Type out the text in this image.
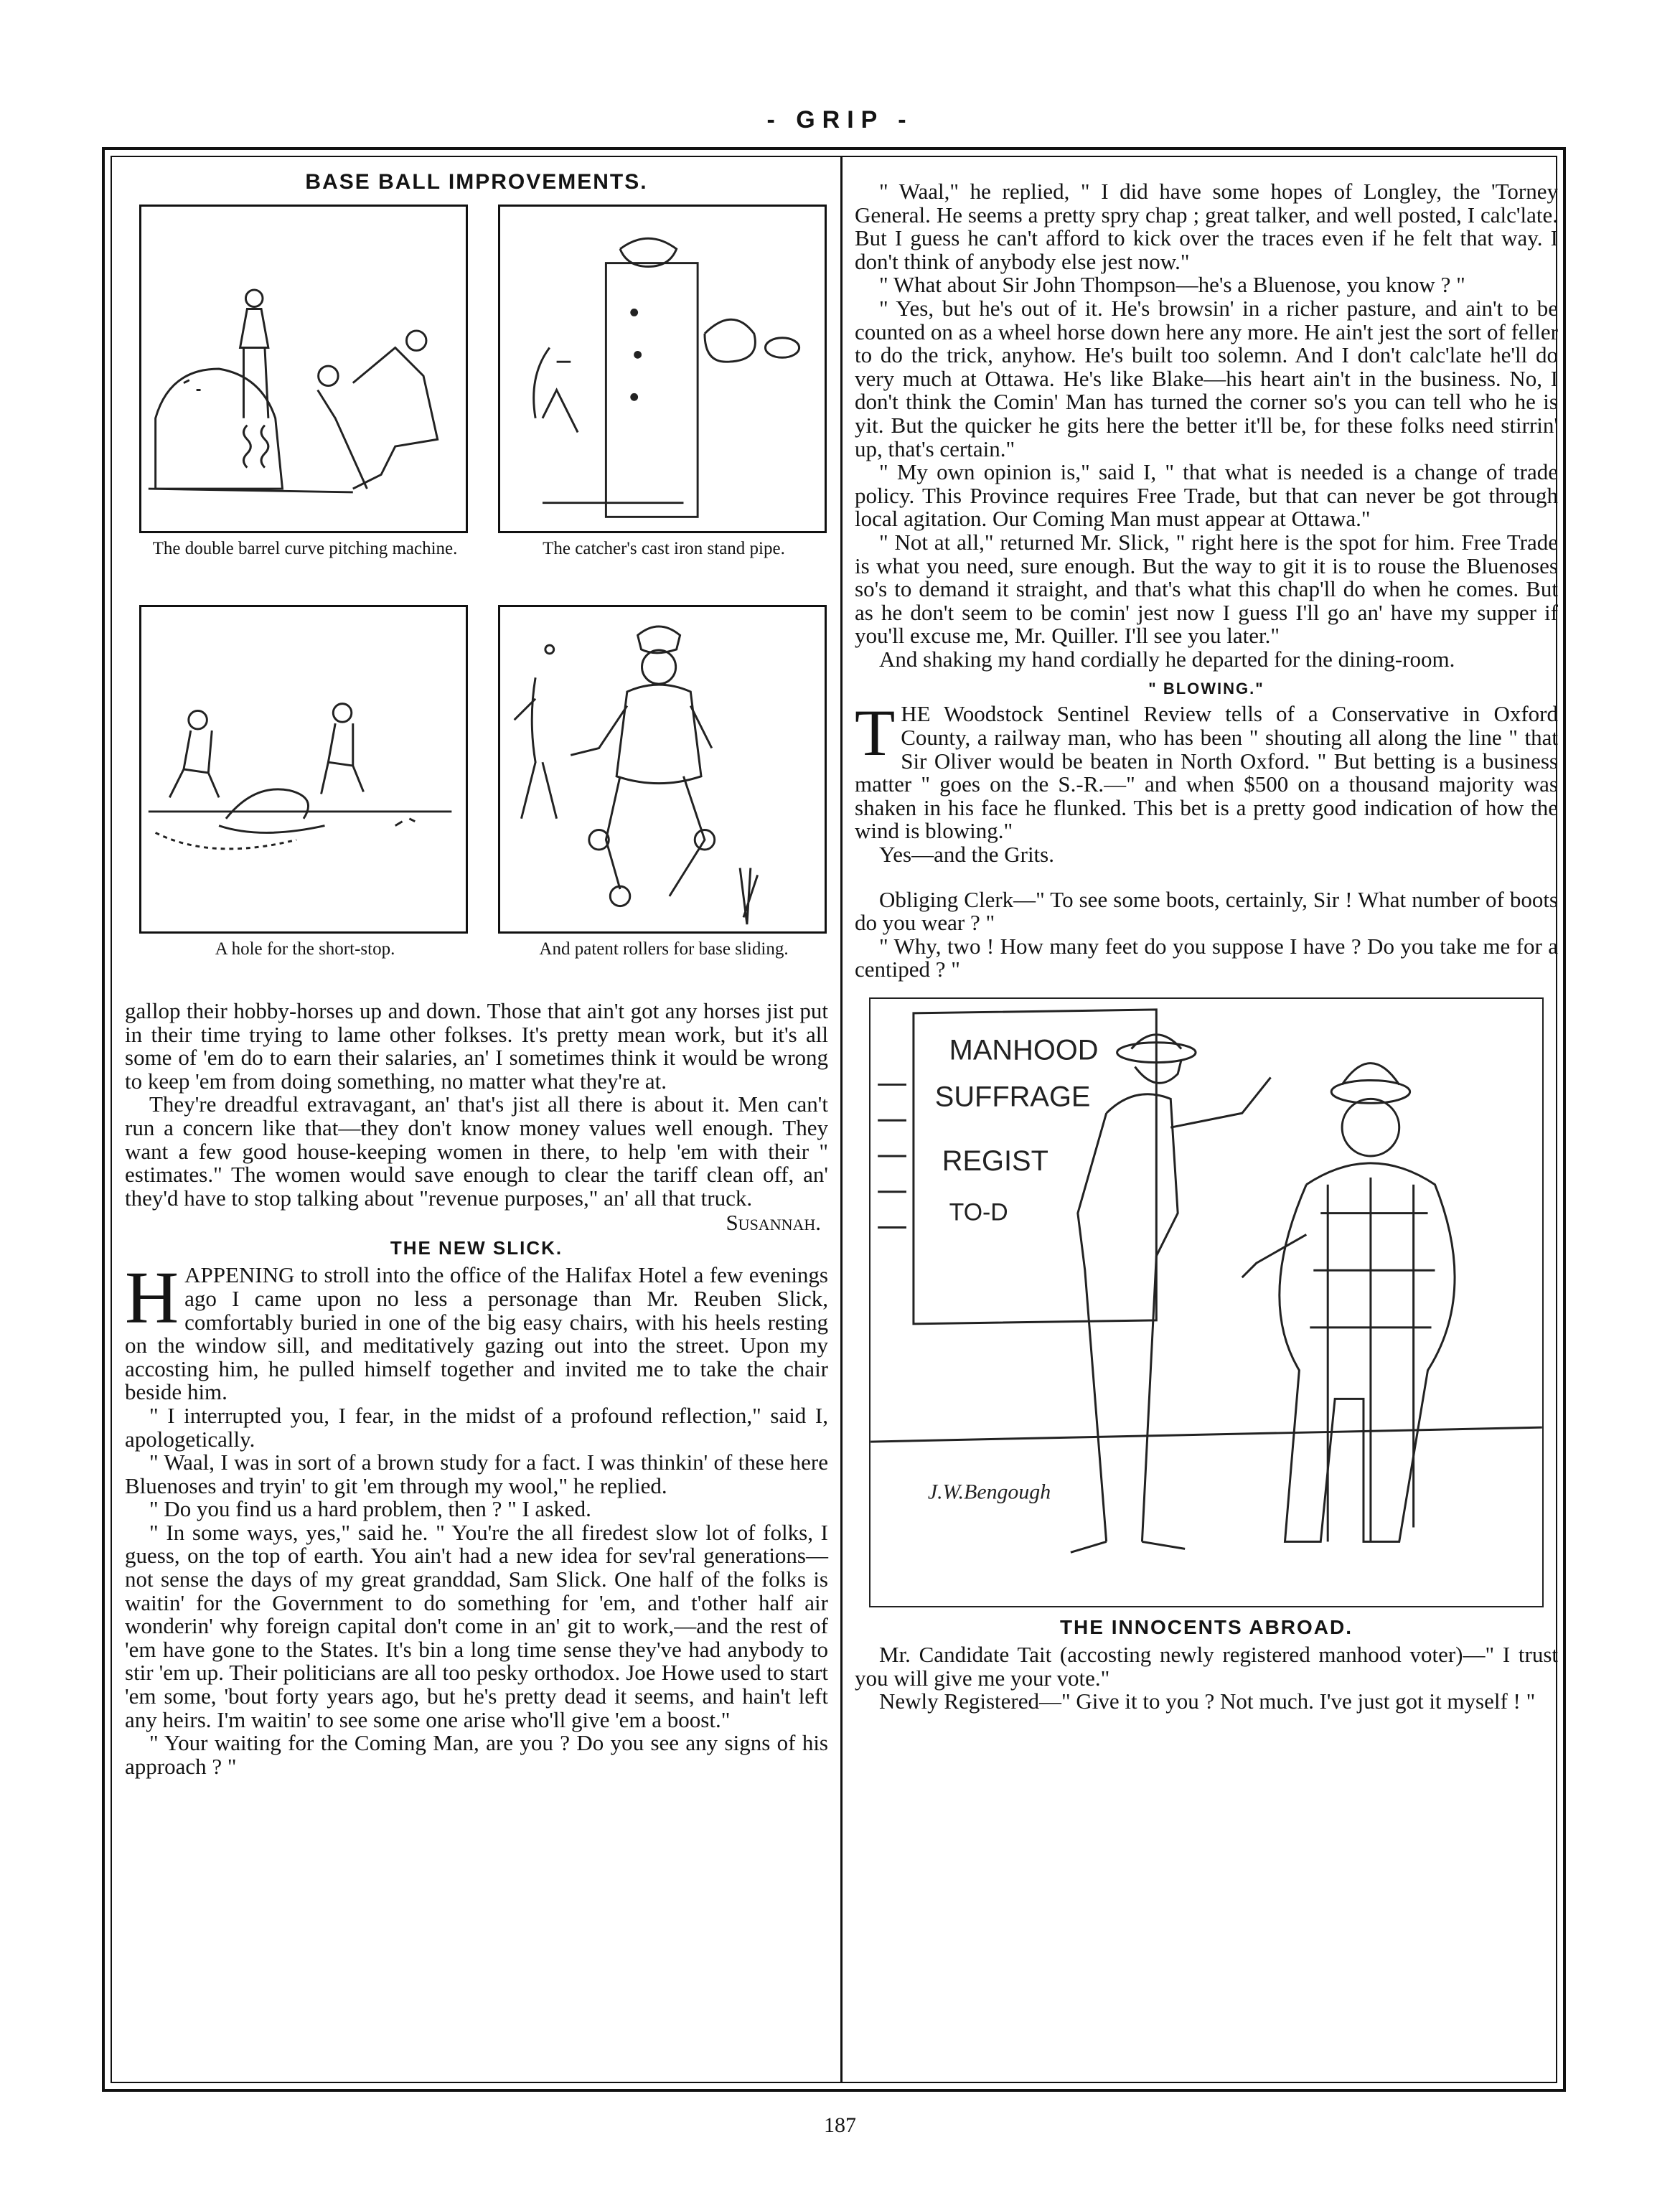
- GRIP -
BASE BALL IMPROVEMENTS.
The double barrel curve pitching machine.	The catcher's cast iron stand pipe.
A hole for the short-stop.	And patent rollers for base sliding.

gallop their hobby-horses up and down. Those that ain't got any horses jist put in their time trying to lame other folkses. It's pretty mean work, but it's all some of 'em do to earn their salaries, an' I sometimes think it would be wrong to keep 'em from doing something, no matter what they're at.

They're dreadful extravagant, an' that's jist all there is about it. Men can't run a concern like that—they don't know money values well enough. They want a few good house-keeping women in there, to help 'em with their " estimates." The women would save enough to clear the tariff clean off, an' they'd have to stop talking about "revenue purposes," an' all that truck.

Susannah.
THE NEW SLICK.

HAPPENING to stroll into the office of the Halifax Hotel a few evenings ago I came upon no less a personage than Mr. Reuben Slick, comfortably buried in one of the big easy chairs, with his heels resting on the window sill, and meditatively gazing out into the street. Upon my accosting him, he pulled himself together and invited me to take the chair beside him.

" I interrupted you, I fear, in the midst of a profound reflection," said I, apologetically.

" Waal, I was in sort of a brown study for a fact. I was thinkin' of these here Bluenoses and tryin' to git 'em through my wool," he replied.

" Do you find us a hard problem, then ? " I asked.

" In some ways, yes," said he. " You're the all firedest slow lot of folks, I guess, on the top of earth. You ain't had a new idea for sev'ral generations—not sense the days of my great granddad, Sam Slick. One half of the folks is waitin' for the Government to do something for 'em, and t'other half air wonderin' why foreign capital don't come in an' git to work,—and the rest of 'em have gone to the States. It's bin a long time sense they've had anybody to stir 'em up. Their politicians are all too pesky orthodox. Joe Howe used to start 'em some, 'bout forty years ago, but he's pretty dead it seems, and hain't left any heirs. I'm waitin' to see some one arise who'll give 'em a boost."

" Your waiting for the Coming Man, are you ? Do you see any signs of his approach ? "

" Waal," he replied, " I did have some hopes of Longley, the 'Torney General. He seems a pretty spry chap ; great talker, and well posted, I calc'late. But I guess he can't afford to kick over the traces even if he felt that way. I don't think of anybody else jest now."

" What about Sir John Thompson—he's a Bluenose, you know ? "

" Yes, but he's out of it. He's browsin' in a richer pasture, and ain't to be counted on as a wheel horse down here any more. He ain't jest the sort of feller to do the trick, anyhow. He's built too solemn. And I don't calc'late he'll do very much at Ottawa. He's like Blake—his heart ain't in the business. No, I don't think the Comin' Man has turned the corner so's you can tell who he is yit. But the quicker he gits here the better it'll be, for these folks need stirrin' up, that's certain."

" My own opinion is," said I, " that what is needed is a change of trade policy. This Province requires Free Trade, but that can never be got through local agitation. Our Coming Man must appear at Ottawa."

" Not at all," returned Mr. Slick, " right here is the spot for him. Free Trade is what you need, sure enough. But the way to git it is to rouse the Bluenoses so's to demand it straight, and that's what this chap'll do when he comes. But as he don't seem to be comin' jest now I guess I'll go an' have my supper if you'll excuse me, Mr. Quiller. I'll see you later."

And shaking my hand cordially he departed for the dining-room.

" BLOWING."

THE Woodstock Sentinel Review tells of a Conservative in Oxford County, a railway man, who has been " shouting all along the line " that Sir Oliver would be beaten in North Oxford. " But betting is a business matter " goes on the S.-R.—" and when $500 on a thousand majority was shaken in his face he flunked. This bet is a pretty good indication of how the wind is blowing."

Yes—and the Grits.

Obliging Clerk—" To see some boots, certainly, Sir ! What number of boots do you wear ? "

" Why, two ! How many feet do you suppose I have ? Do you take me for a centiped ? "

MANHOOD
SUFFRAGE
REGIST
TO-D
J.W.Bengough
THE INNOCENTS ABROAD.

Mr. Candidate Tait (accosting newly registered manhood voter)—" I trust you will give me your vote."

Newly Registered—" Give it to you ? Not much. I've just got it myself ! "

187
